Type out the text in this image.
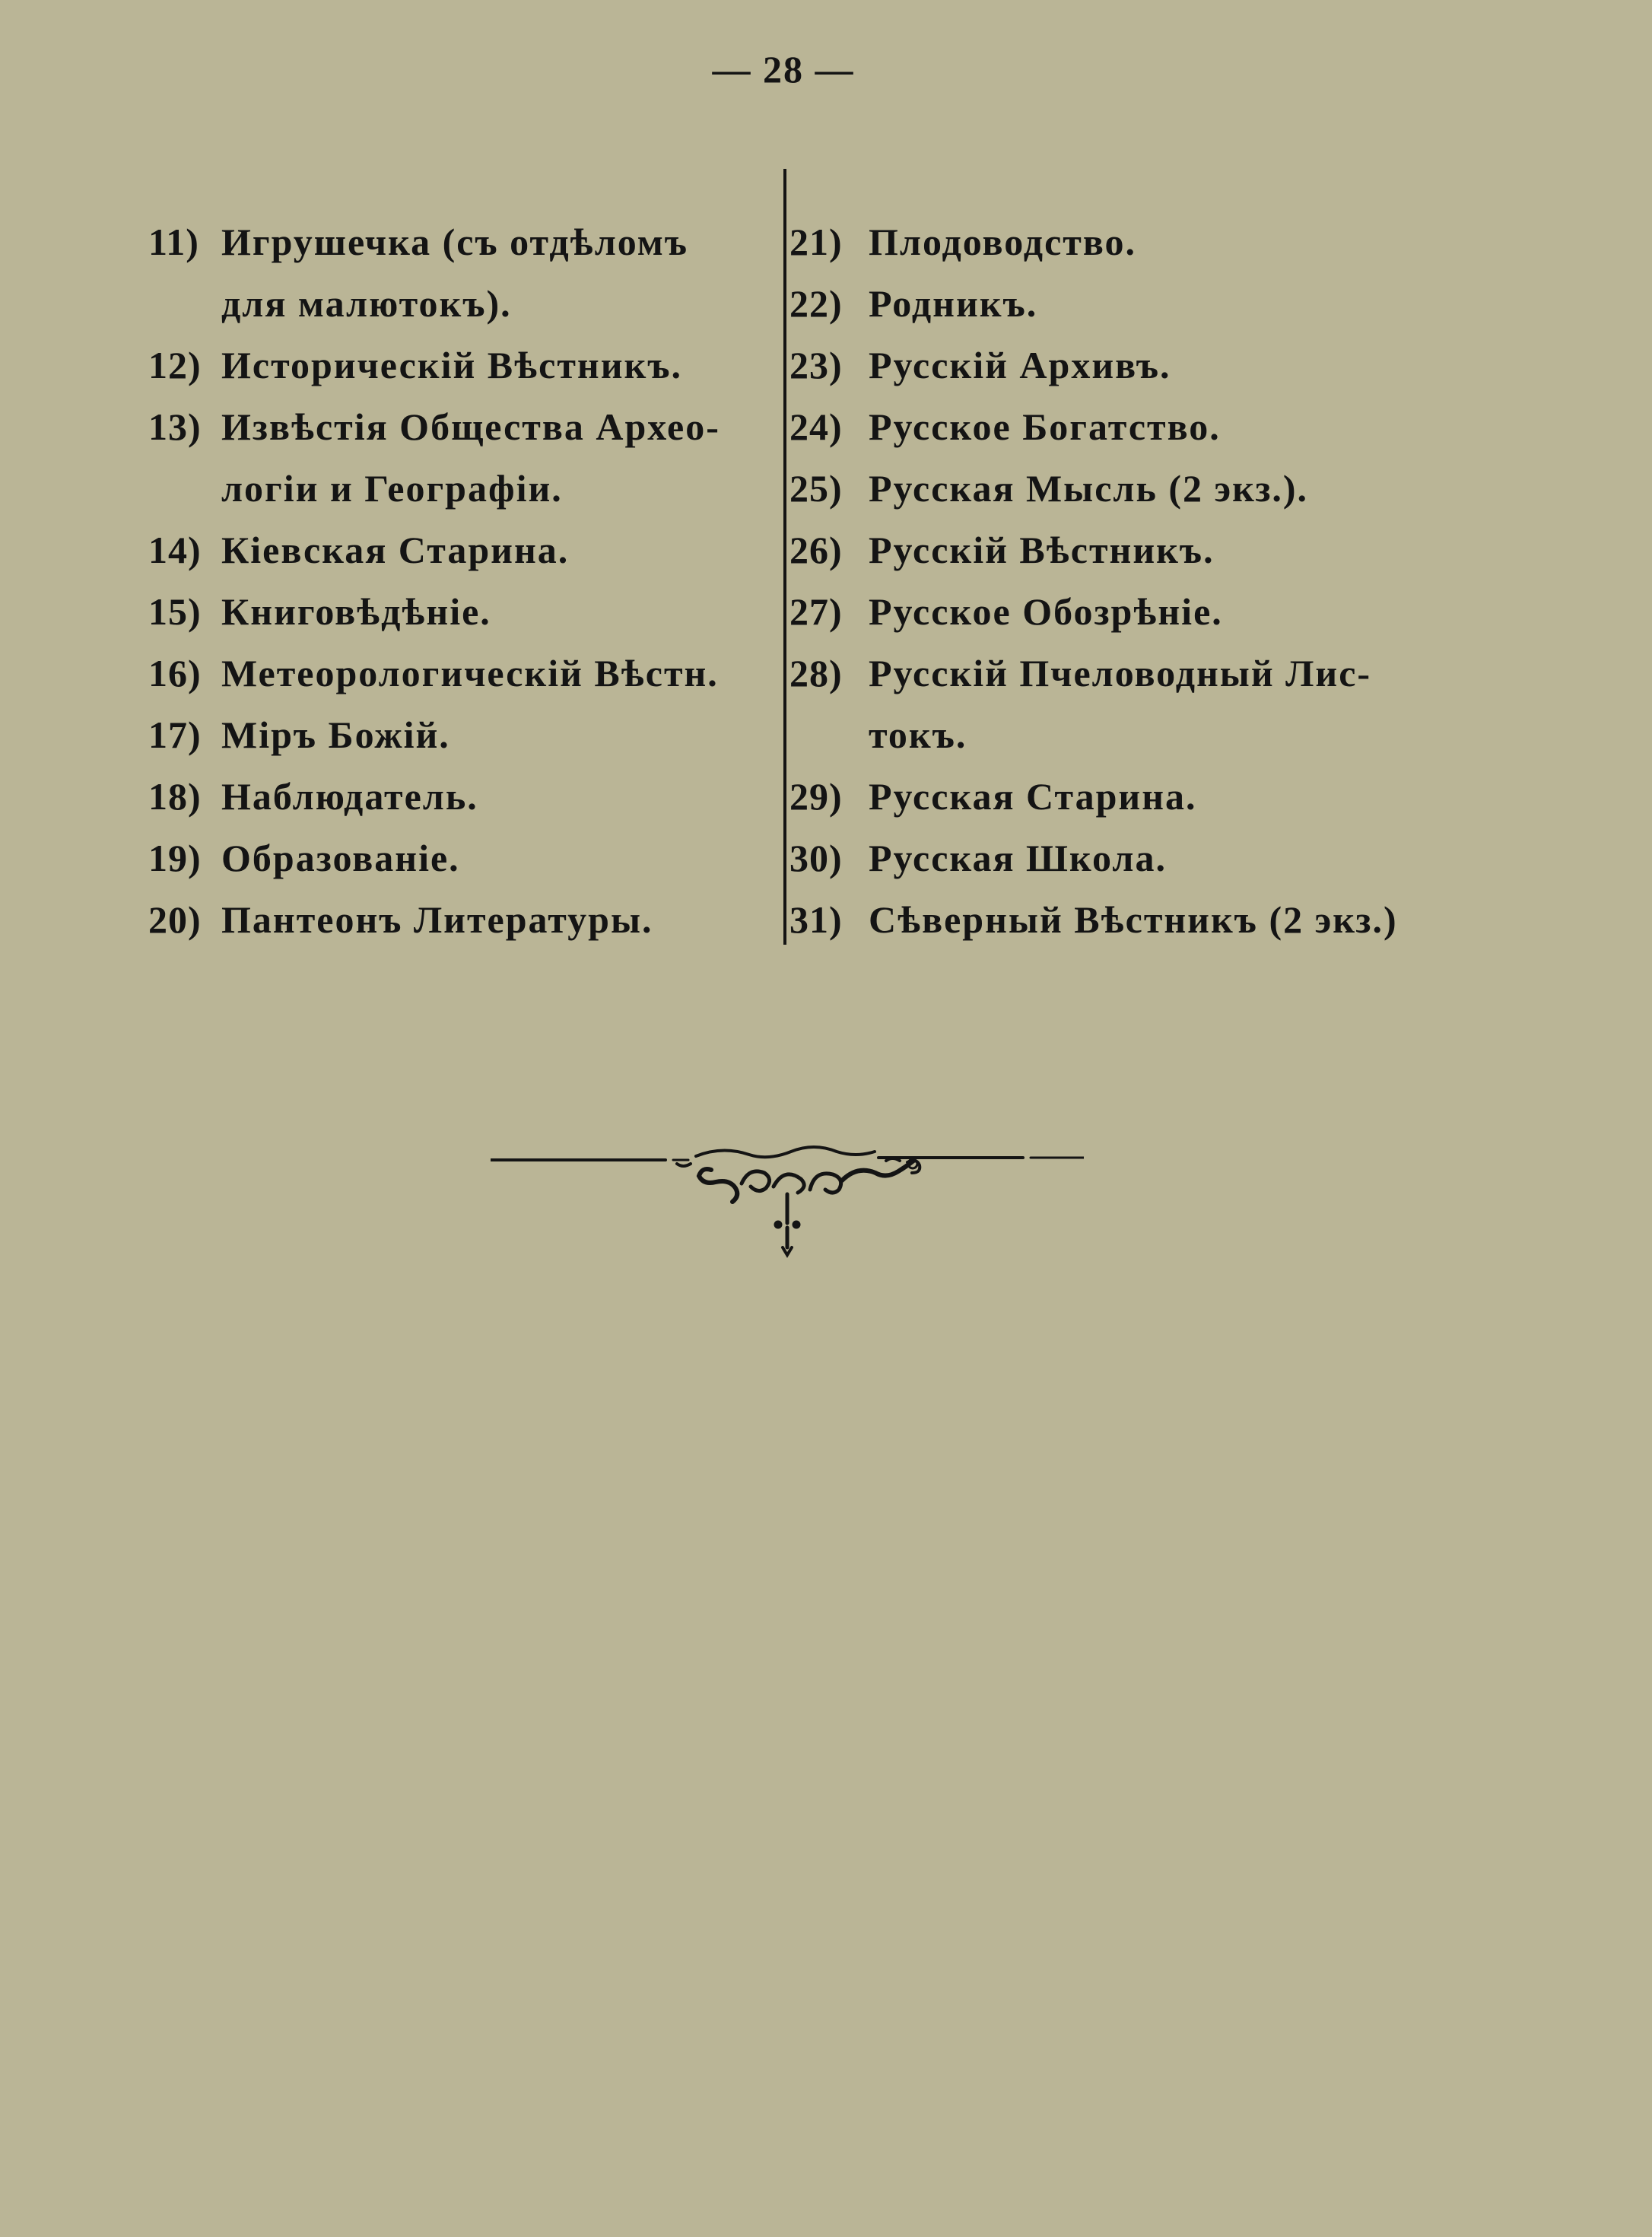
— 28 —
11) Игрушечка (съ отдѣломъ
для малютокъ).
12) Историческій Вѣстникъ.
13) Извѣстія Общества Архео-
логіи и Географіи.
14) Кіевская Старина.
15) Книговѣдѣніе.
16) Метеорологическій Вѣстн.
17) Міръ Божій.
18) Наблюдатель.
19) Образованіе.
20) Пантеонъ Литературы.
21) Плодоводство.
22) Родникъ.
23) Русскій Архивъ.
24) Русское Богатство.
25) Русская Мысль (2 экз.).
26) Русскій Вѣстникъ.
27) Русское Обозрѣніе.
28) Русскій Пчеловодный Лис-
токъ.
29) Русская Старина.
30) Русская Школа.
31) Сѣверный Вѣстникъ (2 экз.)
